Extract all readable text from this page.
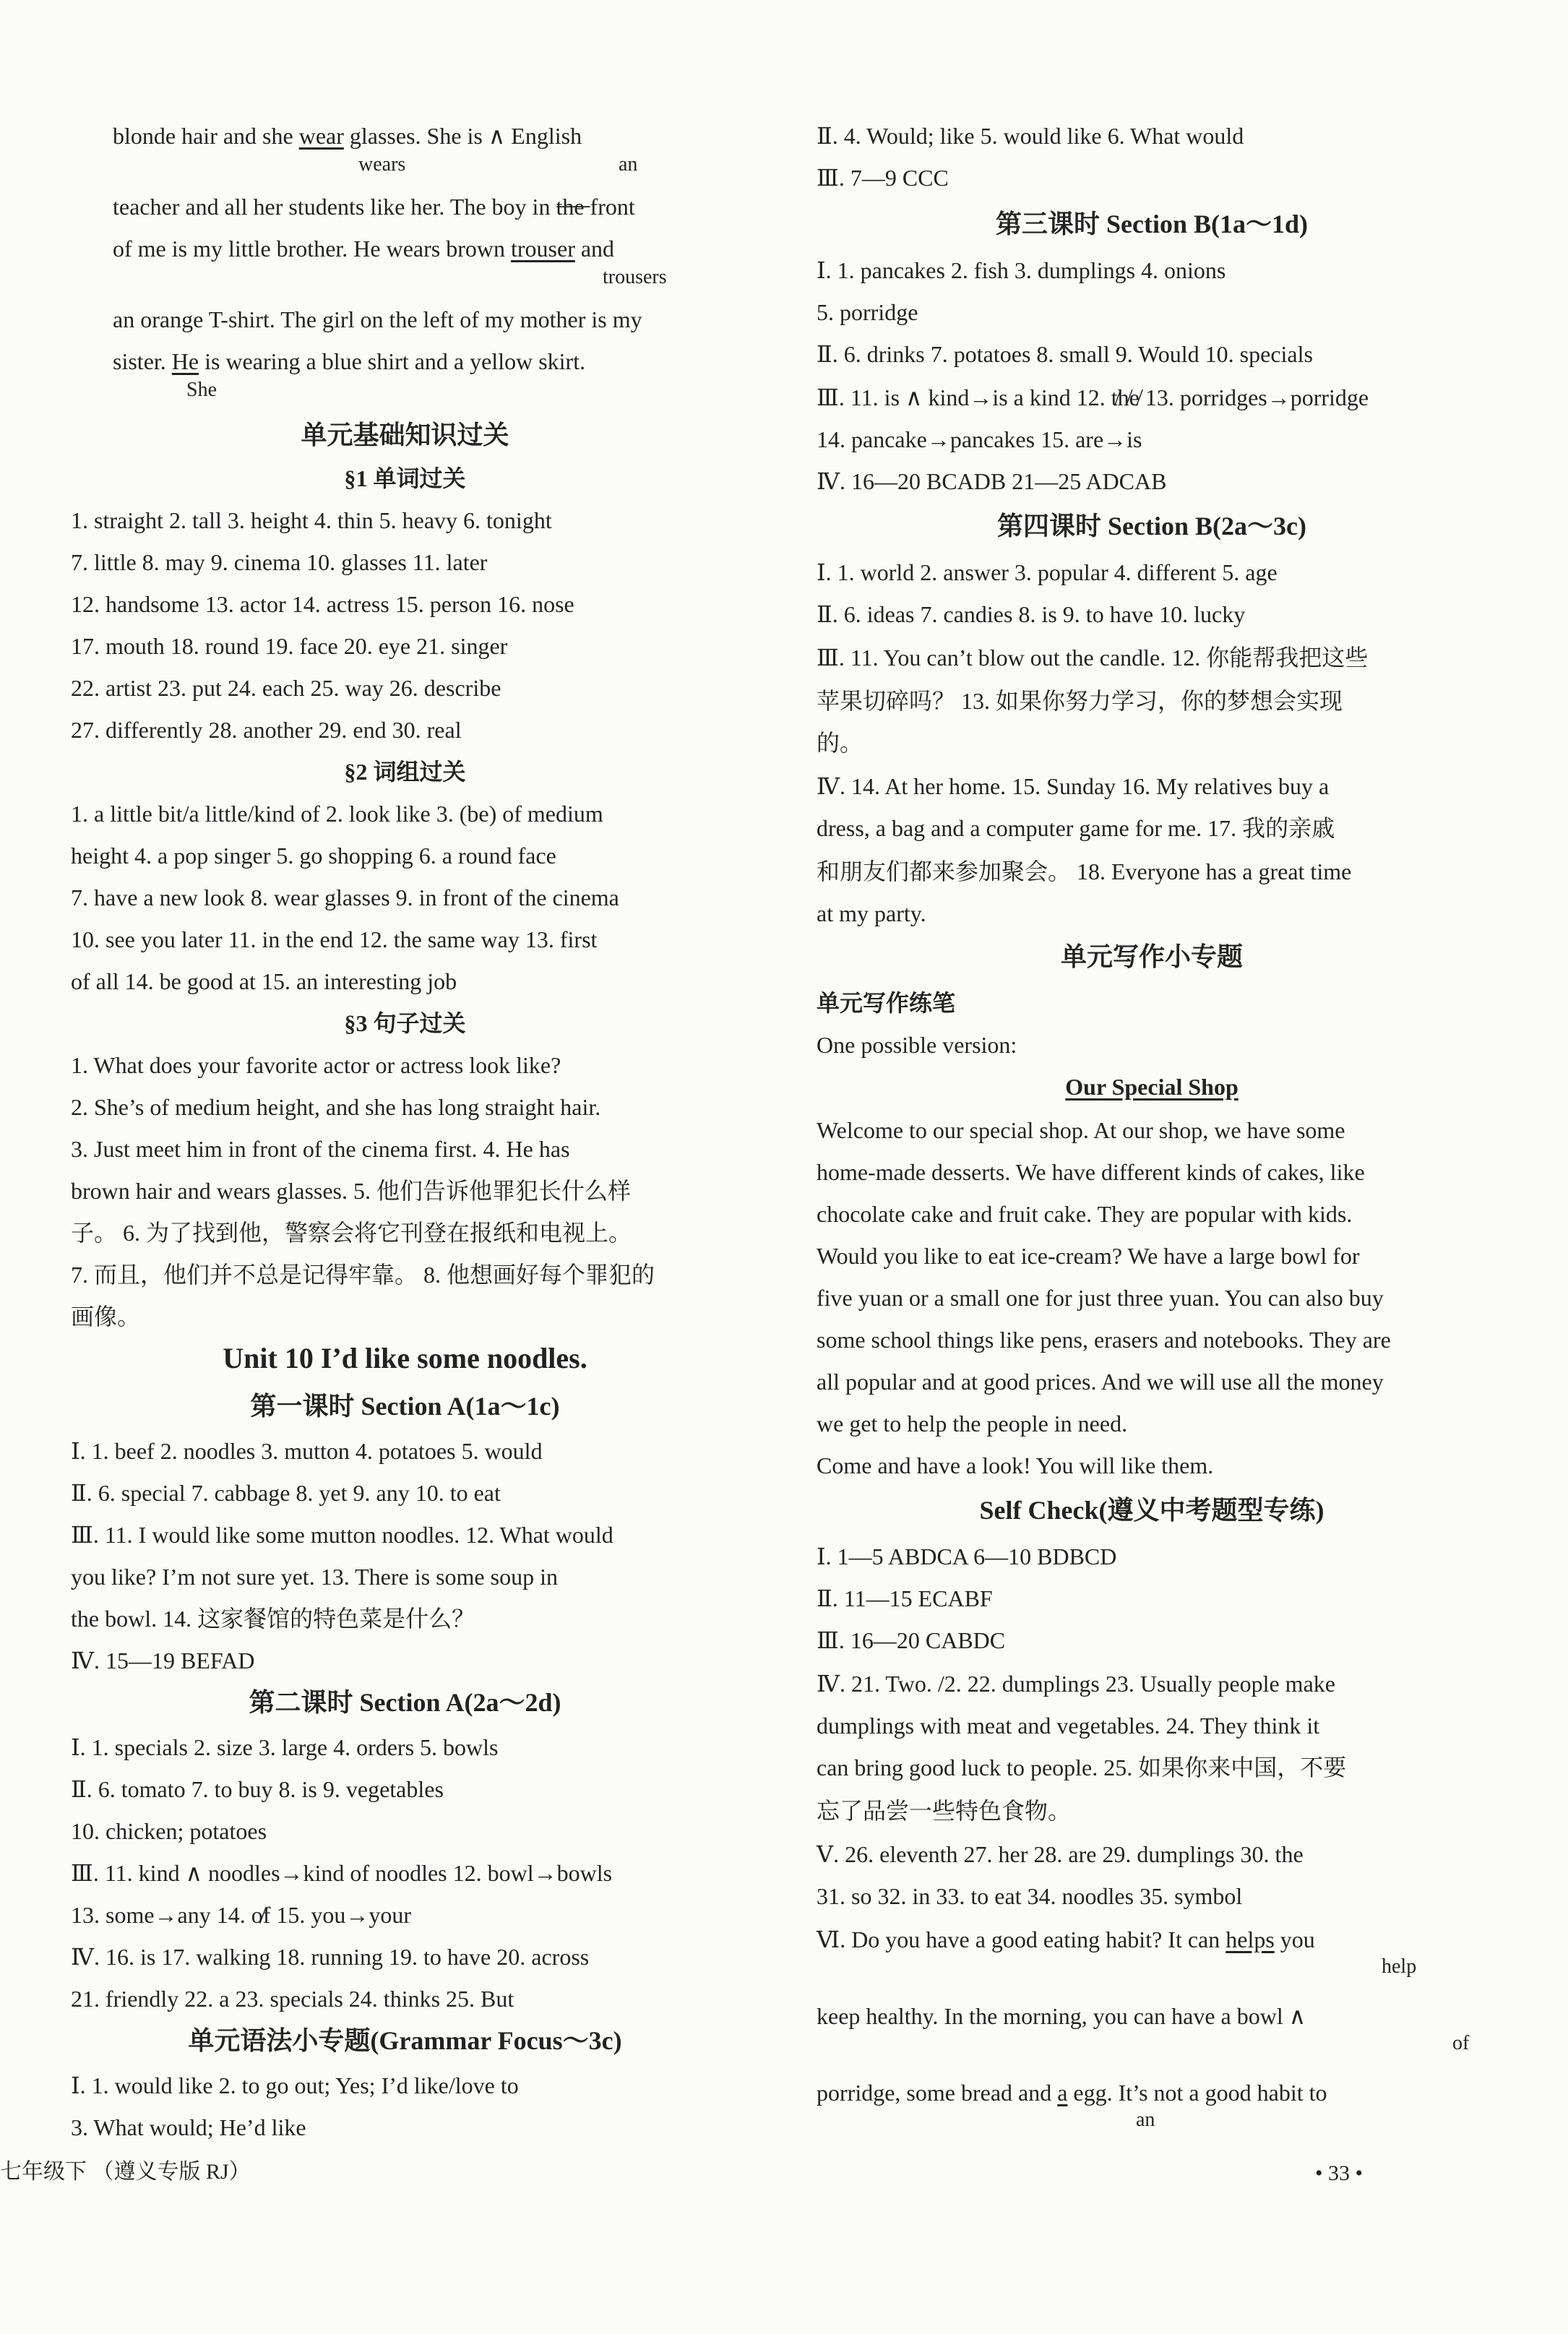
blonde hair and she wear glasses. She is ∧ English
wears	an
teacher and all her students like her. The boy in t̶h̶e̶ front
of me is my little brother. He wears brown trouser and
trousers
an orange T-shirt. The girl on the left of my mother is my
sister. He is wearing a blue shirt and a yellow skirt.
She
单元基础知识过关
§1 单词过关
1. straight 2. tall 3. height 4. thin 5. heavy 6. tonight
7. little 8. may 9. cinema 10. glasses 11. later
12. handsome 13. actor 14. actress 15. person 16. nose
17. mouth 18. round 19. face 20. eye 21. singer
22. artist 23. put 24. each 25. way 26. describe
27. differently 28. another 29. end 30. real
§2 词组过关
1. a little bit/a little/kind of 2. look like 3. (be) of medium
height 4. a pop singer 5. go shopping 6. a round face
7. have a new look 8. wear glasses 9. in front of the cinema
10. see you later 11. in the end 12. the same way 13. first
of all 14. be good at 15. an interesting job
§3 句子过关
1. What does your favorite actor or actress look like?
2. She’s of medium height, and she has long straight hair.
3. Just meet him in front of the cinema first. 4. He has
brown hair and wears glasses. 5. 他们告诉他罪犯长什么样
子。 6. 为了找到他，警察会将它刊登在报纸和电视上。
7. 而且，他们并不总是记得牢靠。 8. 他想画好每个罪犯的
画像。
Unit 10 I’d like some noodles.
第一课时 Section A(1a～1c)
Ⅰ. 1. beef 2. noodles 3. mutton 4. potatoes 5. would
Ⅱ. 6. special 7. cabbage 8. yet 9. any 10. to eat
Ⅲ. 11. I would like some mutton noodles. 12. What would
you like? I’m not sure yet. 13. There is some soup in
the bowl. 14. 这家餐馆的特色菜是什么？
Ⅳ. 15—19 BEFAD
第二课时 Section A(2a～2d)
Ⅰ. 1. specials 2. size 3. large 4. orders 5. bowls
Ⅱ. 6. tomato 7. to buy 8. is 9. vegetables
10. chicken; potatoes
Ⅲ. 11. kind ∧ noodles→kind of noodles 12. bowl→bowls
13. some→any 14. o̸f 15. you→your
Ⅳ. 16. is 17. walking 18. running 19. to have 20. across
21. friendly 22. a 23. specials 24. thinks 25. But
单元语法小专题(Grammar Focus～3c)
Ⅰ. 1. would like 2. to go out; Yes; I’d like/love to
3. What would; He’d like
七年级下 （遵义专版 RJ）
Ⅱ. 4. Would; like 5. would like 6. What would
Ⅲ. 7—9 CCC
第三课时 Section B(1a～1d)
Ⅰ. 1. pancakes 2. fish 3. dumplings 4. onions
5. porridge
Ⅱ. 6. drinks 7. potatoes 8. small 9. Would 10. specials
Ⅲ. 11. is ∧ kind→is a kind 12. t̸h̸e̸ 13. porridges→porridge
14. pancake→pancakes 15. are→is
Ⅳ. 16—20 BCADB 21—25 ADCAB
第四课时 Section B(2a～3c)
Ⅰ. 1. world 2. answer 3. popular 4. different 5. age
Ⅱ. 6. ideas 7. candies 8. is 9. to have 10. lucky
Ⅲ. 11. You can’t blow out the candle. 12. 你能帮我把这些
苹果切碎吗？ 13. 如果你努力学习，你的梦想会实现
的。
Ⅳ. 14. At her home. 15. Sunday 16. My relatives buy a
dress, a bag and a computer game for me. 17. 我的亲戚
和朋友们都来参加聚会。 18. Everyone has a great time
at my party.
单元写作小专题
单元写作练笔
One possible version:
Our Special Shop
Welcome to our special shop. At our shop, we have some
home-made desserts. We have different kinds of cakes, like
chocolate cake and fruit cake. They are popular with kids.
Would you like to eat ice-cream? We have a large bowl for
five yuan or a small one for just three yuan. You can also buy
some school things like pens, erasers and notebooks. They are
all popular and at good prices. And we will use all the money
we get to help the people in need.
Come and have a look! You will like them.
Self Check(遵义中考题型专练)
Ⅰ. 1—5 ABDCA 6—10 BDBCD
Ⅱ. 11—15 ECABF
Ⅲ. 16—20 CABDC
Ⅳ. 21. Two. /2. 22. dumplings 23. Usually people make
dumplings with meat and vegetables. 24. They think it
can bring good luck to people. 25. 如果你来中国，不要
忘了品尝一些特色食物。
Ⅴ. 26. eleventh 27. her 28. are 29. dumplings 30. the
31. so 32. in 33. to eat 34. noodles 35. symbol
Ⅵ. Do you have a good eating habit? It can helps you
help
keep healthy. In the morning, you can have a bowl ∧
of
porridge, some bread and a egg. It’s not a good habit to
an
• 33 •
